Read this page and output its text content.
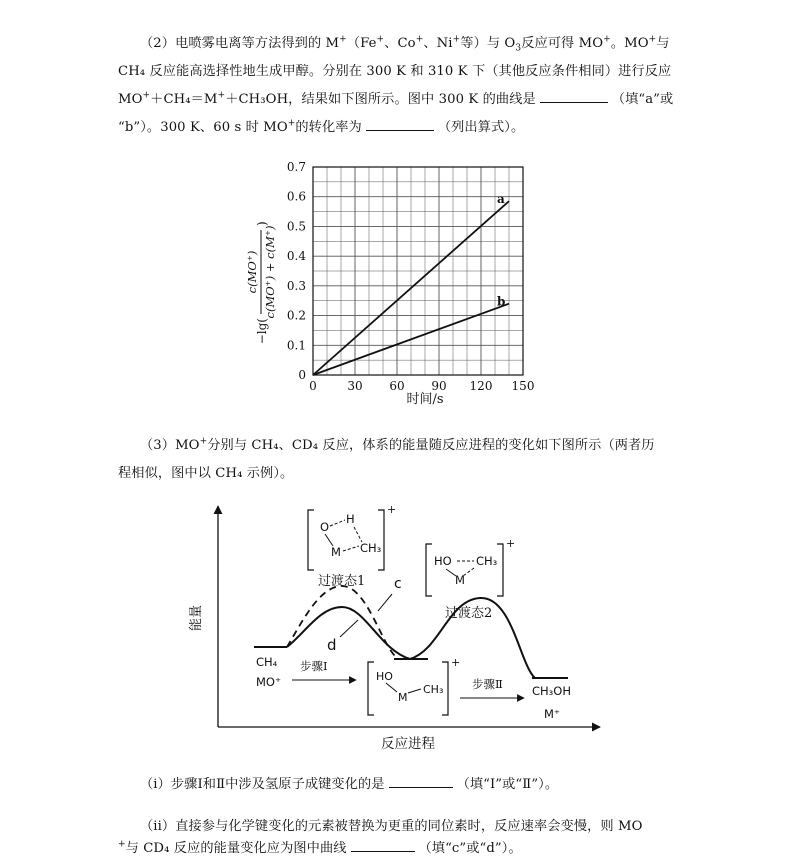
（2）电喷雾电离等方法得到的 M+（Fe+、Co+、Ni+等）与 $O_3$反应可得 MO+。MO+与
CH₄ 反应能高选择性地生成甲醇。分别在 300 K 和 310 K 下（其他反应条件相同）进行反应
MO+＋CH₄＝M+＋CH₃OH，结果如下图所示。图中 300 K 的曲线是	（填“a”或
“b”）。300 K、60 s 时 MO+的转化率为	（列出算式）。
0	30 60 90 120 150
0
0.1
0.2
0.3
0.4
0.5
0.6
0.7
a
b
时间/s
−lg(
c(MO⁺) c(MO⁺) + c(M⁺)
)
（3）MO+分别与 CH₄、CD₄ 反应，体系的能量随反应进程的变化如下图所示（两者历
程相似，图中以 CH₄ 示例）。
能量
反应进程
c
d
+
O
H
M CH₃
过渡态1
+
HO CH₃
M
过渡态2
CH₄
MO⁺
步骤Ⅰ	+
HO
M
CH₃ 步骤Ⅱ	CH₃OH
M⁺
（i）步骤Ⅰ和Ⅱ中涉及氢原子成键变化的是	（填“Ⅰ”或“Ⅱ”）。
（ii）直接参与化学键变化的元素被替换为更重的同位素时，反应速率会变慢，则 MO
+与 CD₄ 反应的能量变化应为图中曲线	（填“c”或“d”）。
